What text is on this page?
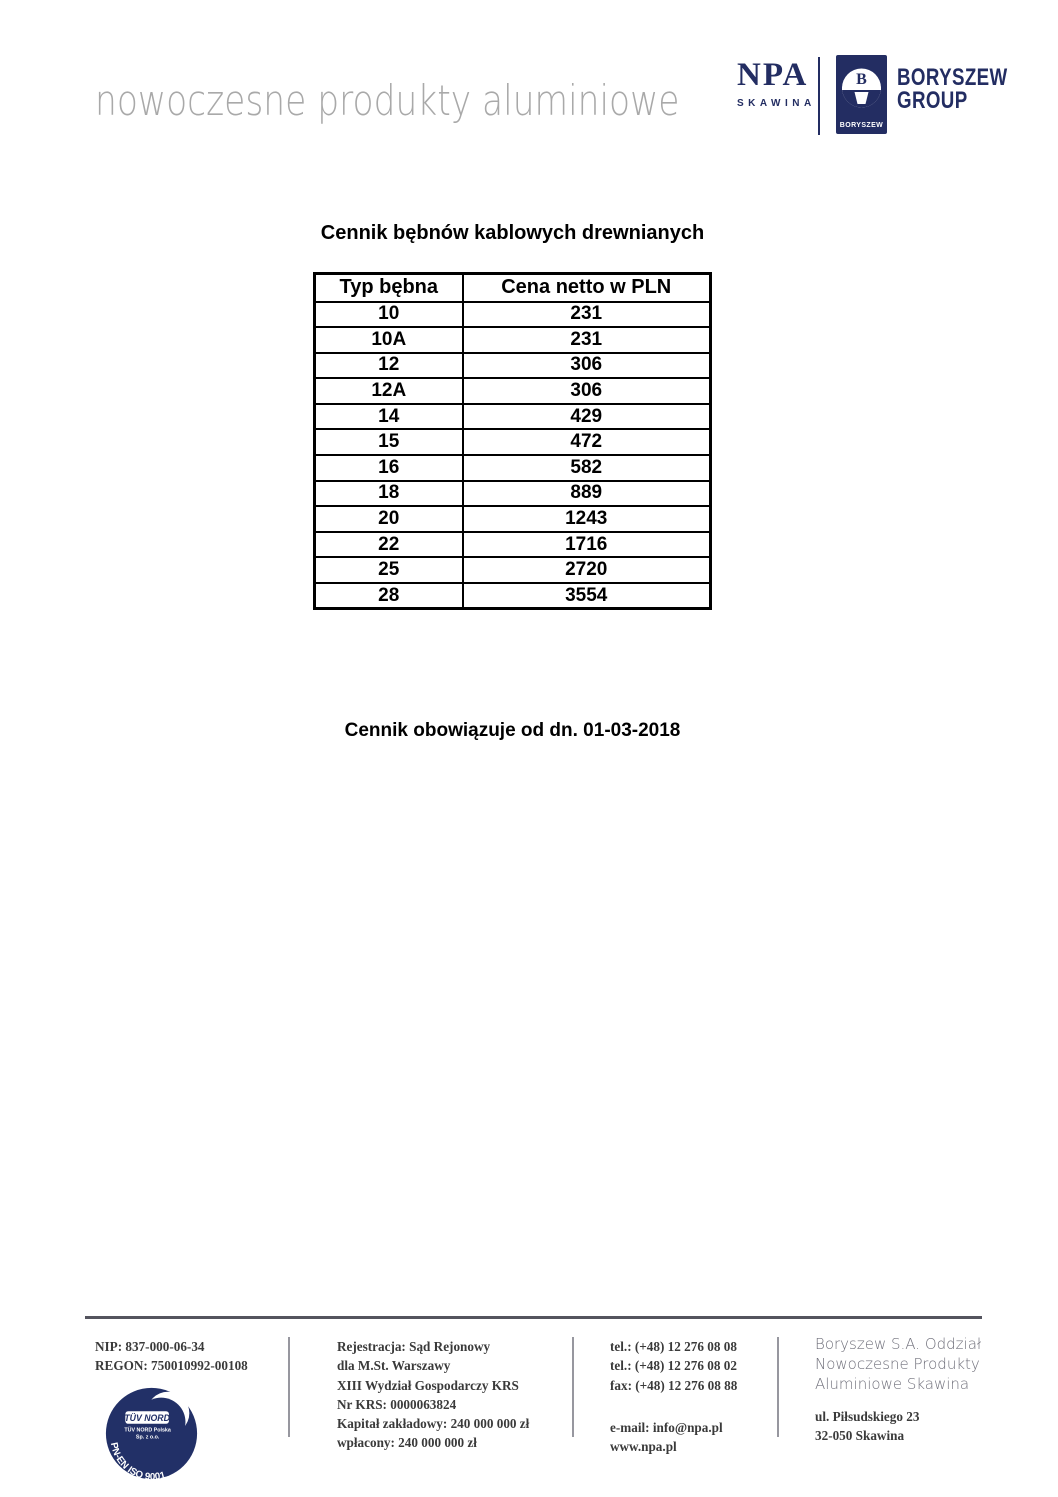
nowoczesne produkty aluminiowe
NPA
SKAWINA
B
BORYSZEW
BORYSZEW
GROUP
Cennik bębnów kablowych drewnianych
Typ bębna	Cena netto w PLN
10	231
10A	231
12	306
12A	306
14	429
15	472
16	582
18	889
20	1243
22	1716
25	2720
28	3554
Cennik obowiązuje od dn. 01-03-2018
NIP: 837-000-06-34
REGON: 750010992-00108
TÜV NORD
TÜV NORD Polska
Sp. z o.o.
PN-EN ISO 9001
Rejestracja: Sąd Rejonowy
dla M.St. Warszawy
XIII Wydział Gospodarczy KRS
Nr KRS: 0000063824
Kapitał zakładowy: 240 000 000 zł
wpłacony: 240 000 000 zł
tel.: (+48) 12 276 08 08
tel.: (+48) 12 276 08 02
fax: (+48) 12 276 08 88
e-mail: info@npa.pl
www.npa.pl
Boryszew S.A. Oddział
Nowoczesne Produkty
Aluminiowe Skawina
ul. Piłsudskiego 23
32-050 Skawina
